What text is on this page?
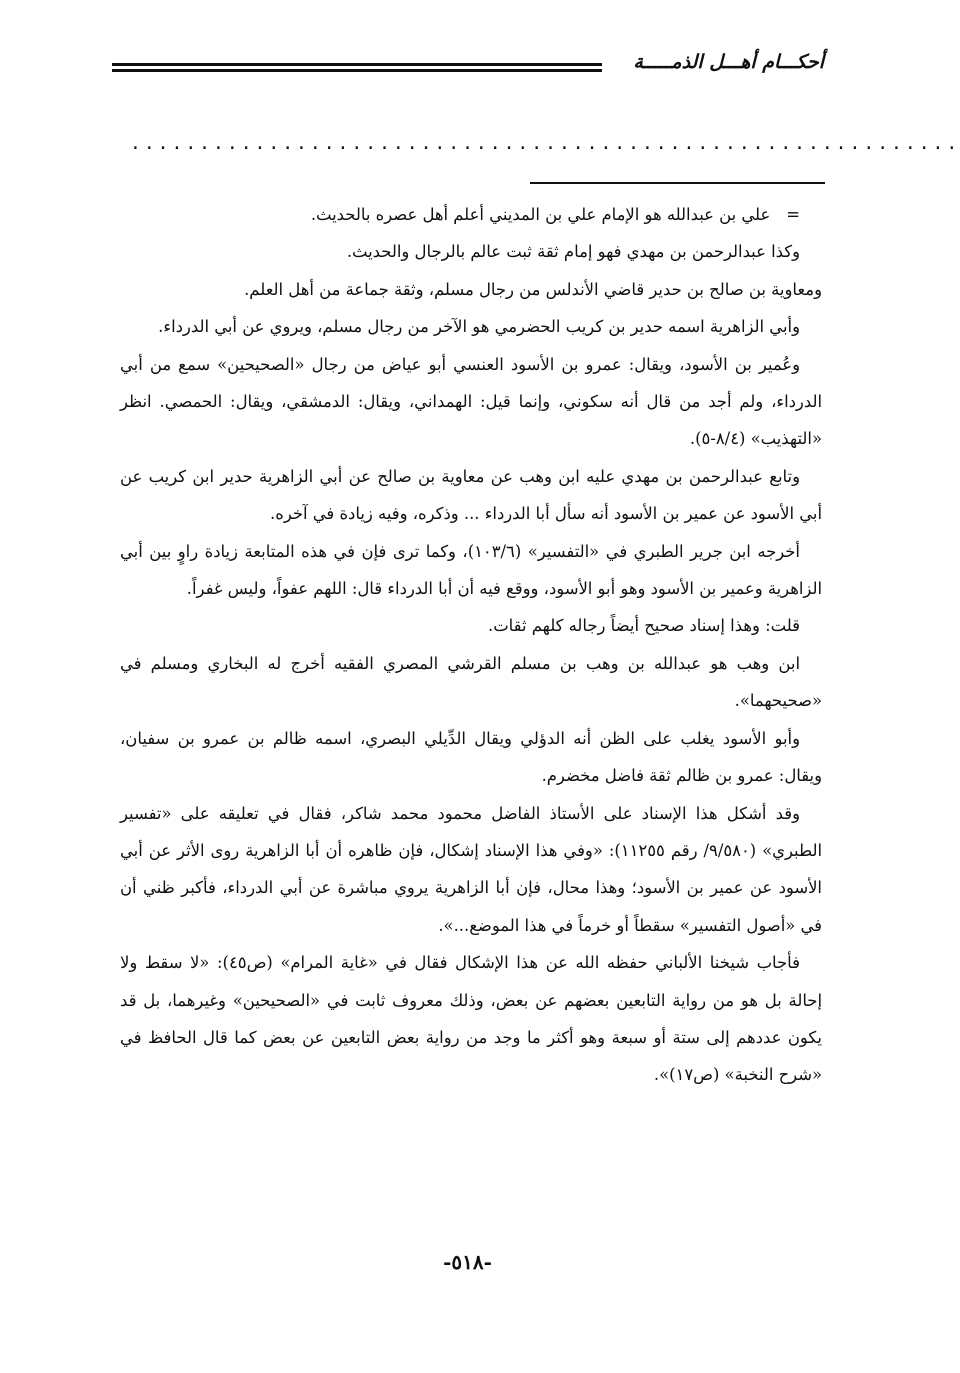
أحكـــام أهـــل الذمـــــة
............................................................

=علي بن عبدالله هو الإمام علي بن المديني أعلم أهل عصره بالحديث.

وكذا عبدالرحمن بن مهدي فهو إمام ثقة ثبت عالم بالرجال والحديث.

ومعاوية بن صالح بن حدير قاضي الأندلس من رجال مسلم، وثقة جماعة من أهل العلم.

وأبي الزاهرية اسمه حدير بن كريب الحضرمي هو الآخر من رجال مسلم، ويروي عن أبي الدرداء.

وعُمير بن الأسود، ويقال: عمرو بن الأسود العنسي أبو عياض من رجال «الصحيحين» سمع من أبي الدرداء، ولم أجد من قال أنه سكوني، وإنما قيل: الهمداني، ويقال: الدمشقي، ويقال: الحمصي. انظر «التهذيب» (٨/٤-٥).

وتابع عبدالرحمن بن مهدي عليه ابن وهب عن معاوية بن صالح عن أبي الزاهرية حدير ابن كريب عن أبي الأسود عن عمير بن الأسود أنه سأل أبا الدرداء ... وذكره، وفيه زيادة في آخره.

أخرجه ابن جرير الطبري في «التفسير» (١٠٣/٦)، وكما ترى فإن في هذه المتابعة زيادة راوٍ بين أبي الزاهرية وعمير بن الأسود وهو أبو الأسود، ووقع فيه أن أبا الدرداء قال: اللهم عفواً، وليس غفراً.

قلت: وهذا إسناد صحيح أيضاً رجاله كلهم ثقات.

ابن وهب هو عبدالله بن وهب بن مسلم القرشي المصري الفقيه أخرج له البخاري ومسلم في «صحيحهما».

وأبو الأسود يغلب على الظن أنه الدؤلي ويقال الدِّيلي البصري، اسمه ظالم بن عمرو بن سفيان، ويقال: عمرو بن ظالم ثقة فاضل مخضرم.

وقد أشكل هذا الإسناد على الأستاذ الفاضل محمود محمد شاكر، فقال في تعليقه على «تفسير الطبري» (٩/٥٨٠/ رقم ١١٢٥٥): «وفي هذا الإسناد إشكال، فإن ظاهره أن أبا الزاهرية روى الأثر عن أبي الأسود عن عمير بن الأسود؛ وهذا محال، فإن أبا الزاهرية يروي مباشرة عن أبي الدرداء، فأكبر ظني أن في «أصول التفسير» سقطاً أو خرماً في هذا الموضع...».

فأجاب شيخنا الألباني حفظه الله عن هذا الإشكال فقال في «غاية المرام» (ص٤٥): «لا سقط ولا إحالة بل هو من رواية التابعين بعضهم عن بعض، وذلك معروف ثابت في «الصحيحين» وغيرهما، بل قد يكون عددهم إلى ستة أو سبعة وهو أكثر ما وجد من رواية بعض التابعين عن بعض كما قال الحافظ في «شرح النخبة» (ص١٧)».

-٥١٨-
